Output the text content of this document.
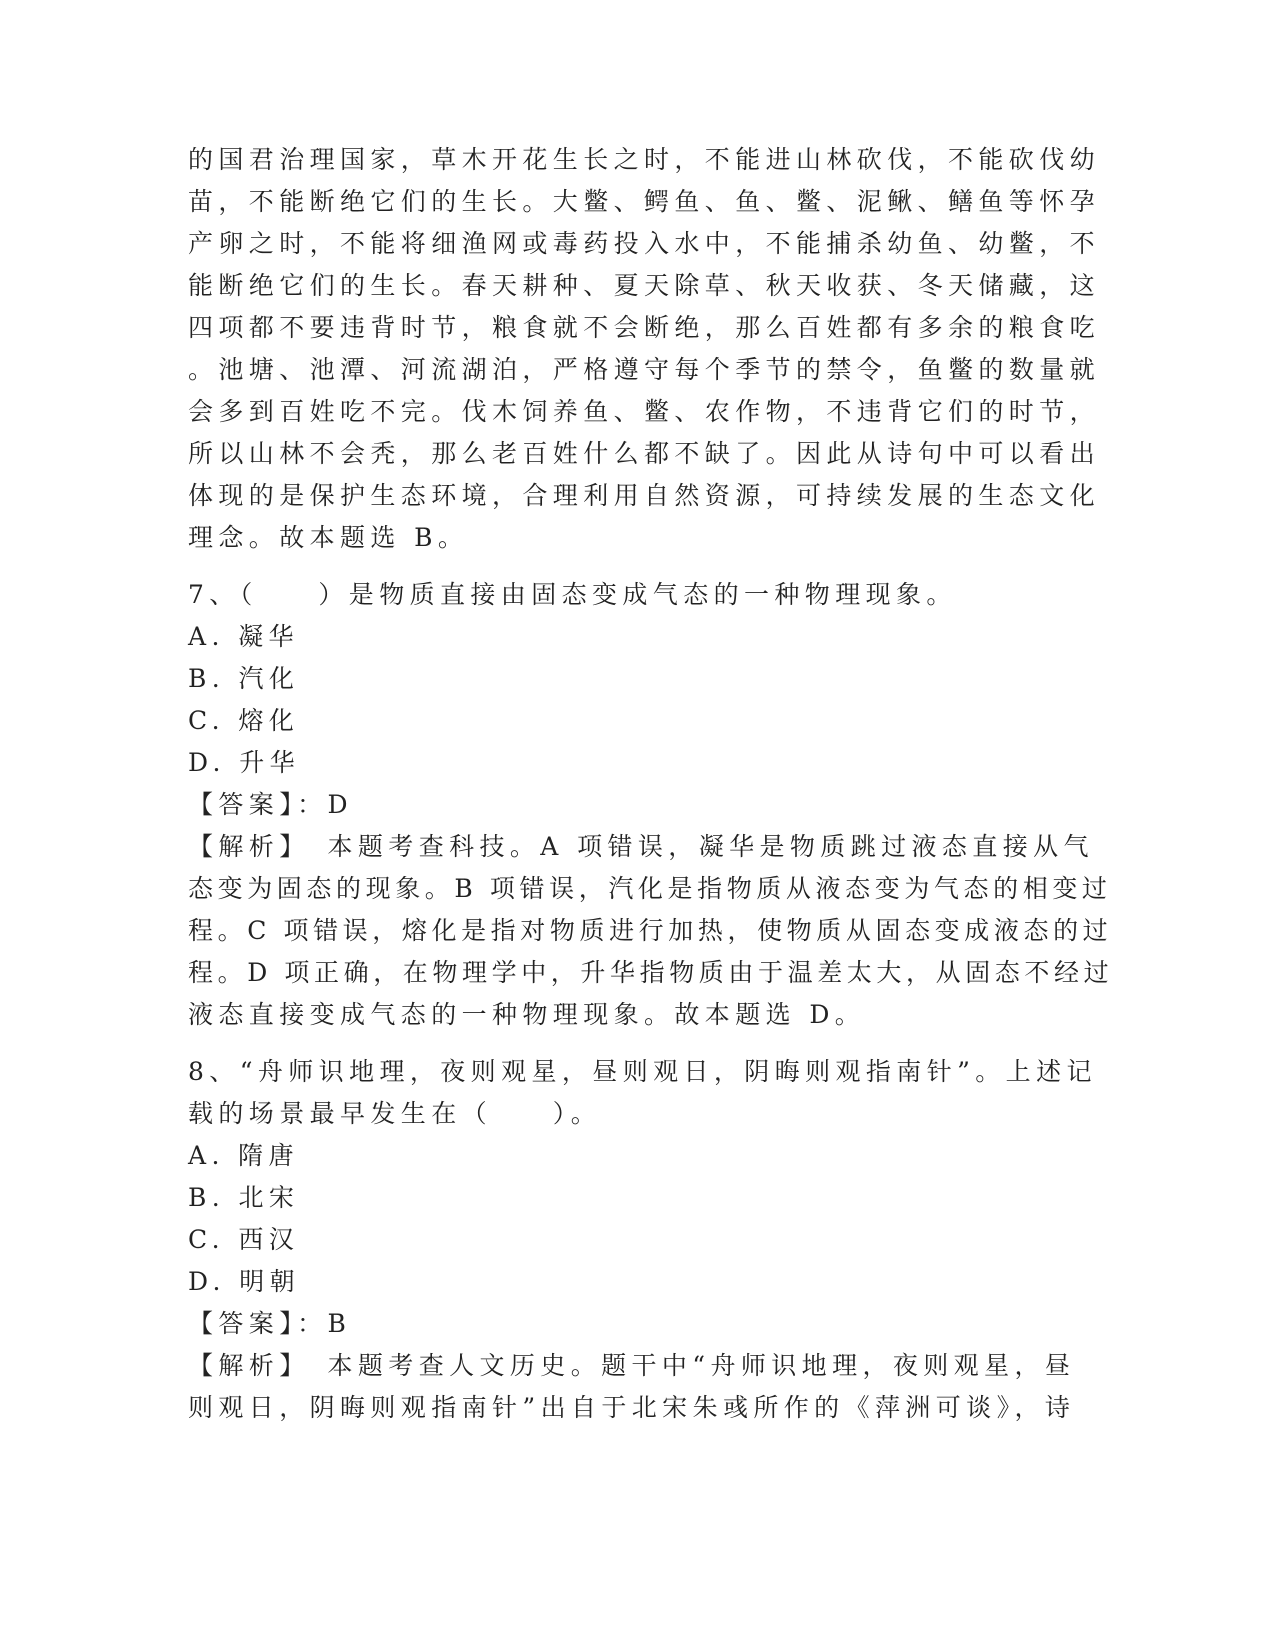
的国君治理国家，草木开花生长之时，不能进山林砍伐，不能砍伐幼
苗，不能断绝它们的生长。大鳖、鳄鱼、鱼、鳖、泥鳅、鳝鱼等怀孕
产卵之时，不能将细渔网或毒药投入水中，不能捕杀幼鱼、幼鳖，不
能断绝它们的生长。春天耕种、夏天除草、秋天收获、冬天储藏，这
四项都不要违背时节，粮食就不会断绝，那么百姓都有多余的粮食吃
。池塘、池潭、河流湖泊，严格遵守每个季节的禁令，鱼鳖的数量就
会多到百姓吃不完。伐木饲养鱼、鳖、农作物，不违背它们的时节，
所以山林不会秃，那么老百姓什么都不缺了。因此从诗句中可以看出
体现的是保护生态环境，合理利用自然资源，可持续发展的生态文化
理念。故本题选 B。
7、（　　）是物质直接由固态变成气态的一种物理现象。
A. 凝华
B. 汽化
C. 熔化
D. 升华
【答案】：D
【解析】　本题考查科技。A 项错误，凝华是物质跳过液态直接从气
态变为固态的现象。B 项错误，汽化是指物质从液态变为气态的相变过
程。C 项错误，熔化是指对物质进行加热，使物质从固态变成液态的过
程。D 项正确，在物理学中，升华指物质由于温差太大，从固态不经过
液态直接变成气态的一种物理现象。故本题选 D。
8、“舟师识地理，夜则观星，昼则观日，阴晦则观指南针”。上述记
载的场景最早发生在（　　）。
A. 隋唐
B. 北宋
C. 西汉
D. 明朝
【答案】：B
【解析】　本题考查人文历史。题干中“舟师识地理，夜则观星，昼
则观日，阴晦则观指南针”出自于北宋朱彧所作的《萍洲可谈》，诗
